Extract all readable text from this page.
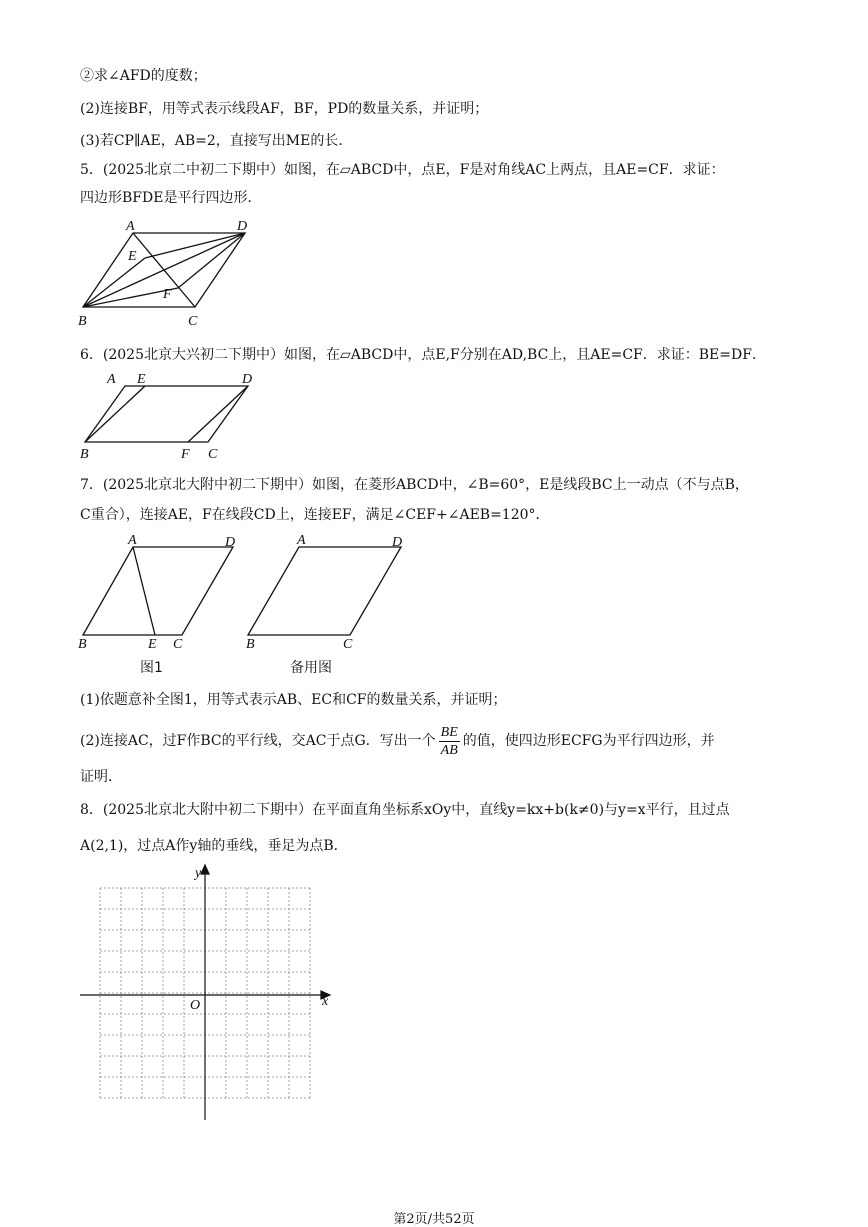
②求∠AFD的度数；
(2)连接BF，用等式表示线段AF，BF，PD的数量关系，并证明；
(3)若CP∥AE，AB=2，直接写出ME的长．
5．(2025北京二中初二下期中）如图，在▱ABCD中，点E，F是对角线AC上两点，且AE=CF．求证：
四边形BFDE是平行四边形．
A	D
E
F
B	C
6．(2025北京大兴初二下期中）如图，在▱ABCD中，点E,F分别在AD,BC上，且AE=CF．求证：BE=DF．
A E	D
B	F C
7．(2025北京北大附中初二下期中）如图，在菱形ABCD中，∠B=60°，E是线段BC上一动点（不与点B，
C重合），连接AE，F在线段CD上，连接EF，满足∠CEF+∠AEB=120°．
A	D
B	E C
A	D
B	C
图1	备用图
(1)依题意补全图1，用等式表示AB、EC和CF的数量关系，并证明；
(2)连接AC，过F作BC的平行线，交AC于点G．写出一个 $\frac{BE}{AB}$ 的值，使四边形ECFG为平行四边形，并
证明．
8．(2025北京北大附中初二下期中）在平面直角坐标系xOy中，直线y=kx+b(k≠0)与y=x平行，且过点
A(2,1)，过点A作y轴的垂线，垂足为点B．
y
x
O
第2页/共52页
